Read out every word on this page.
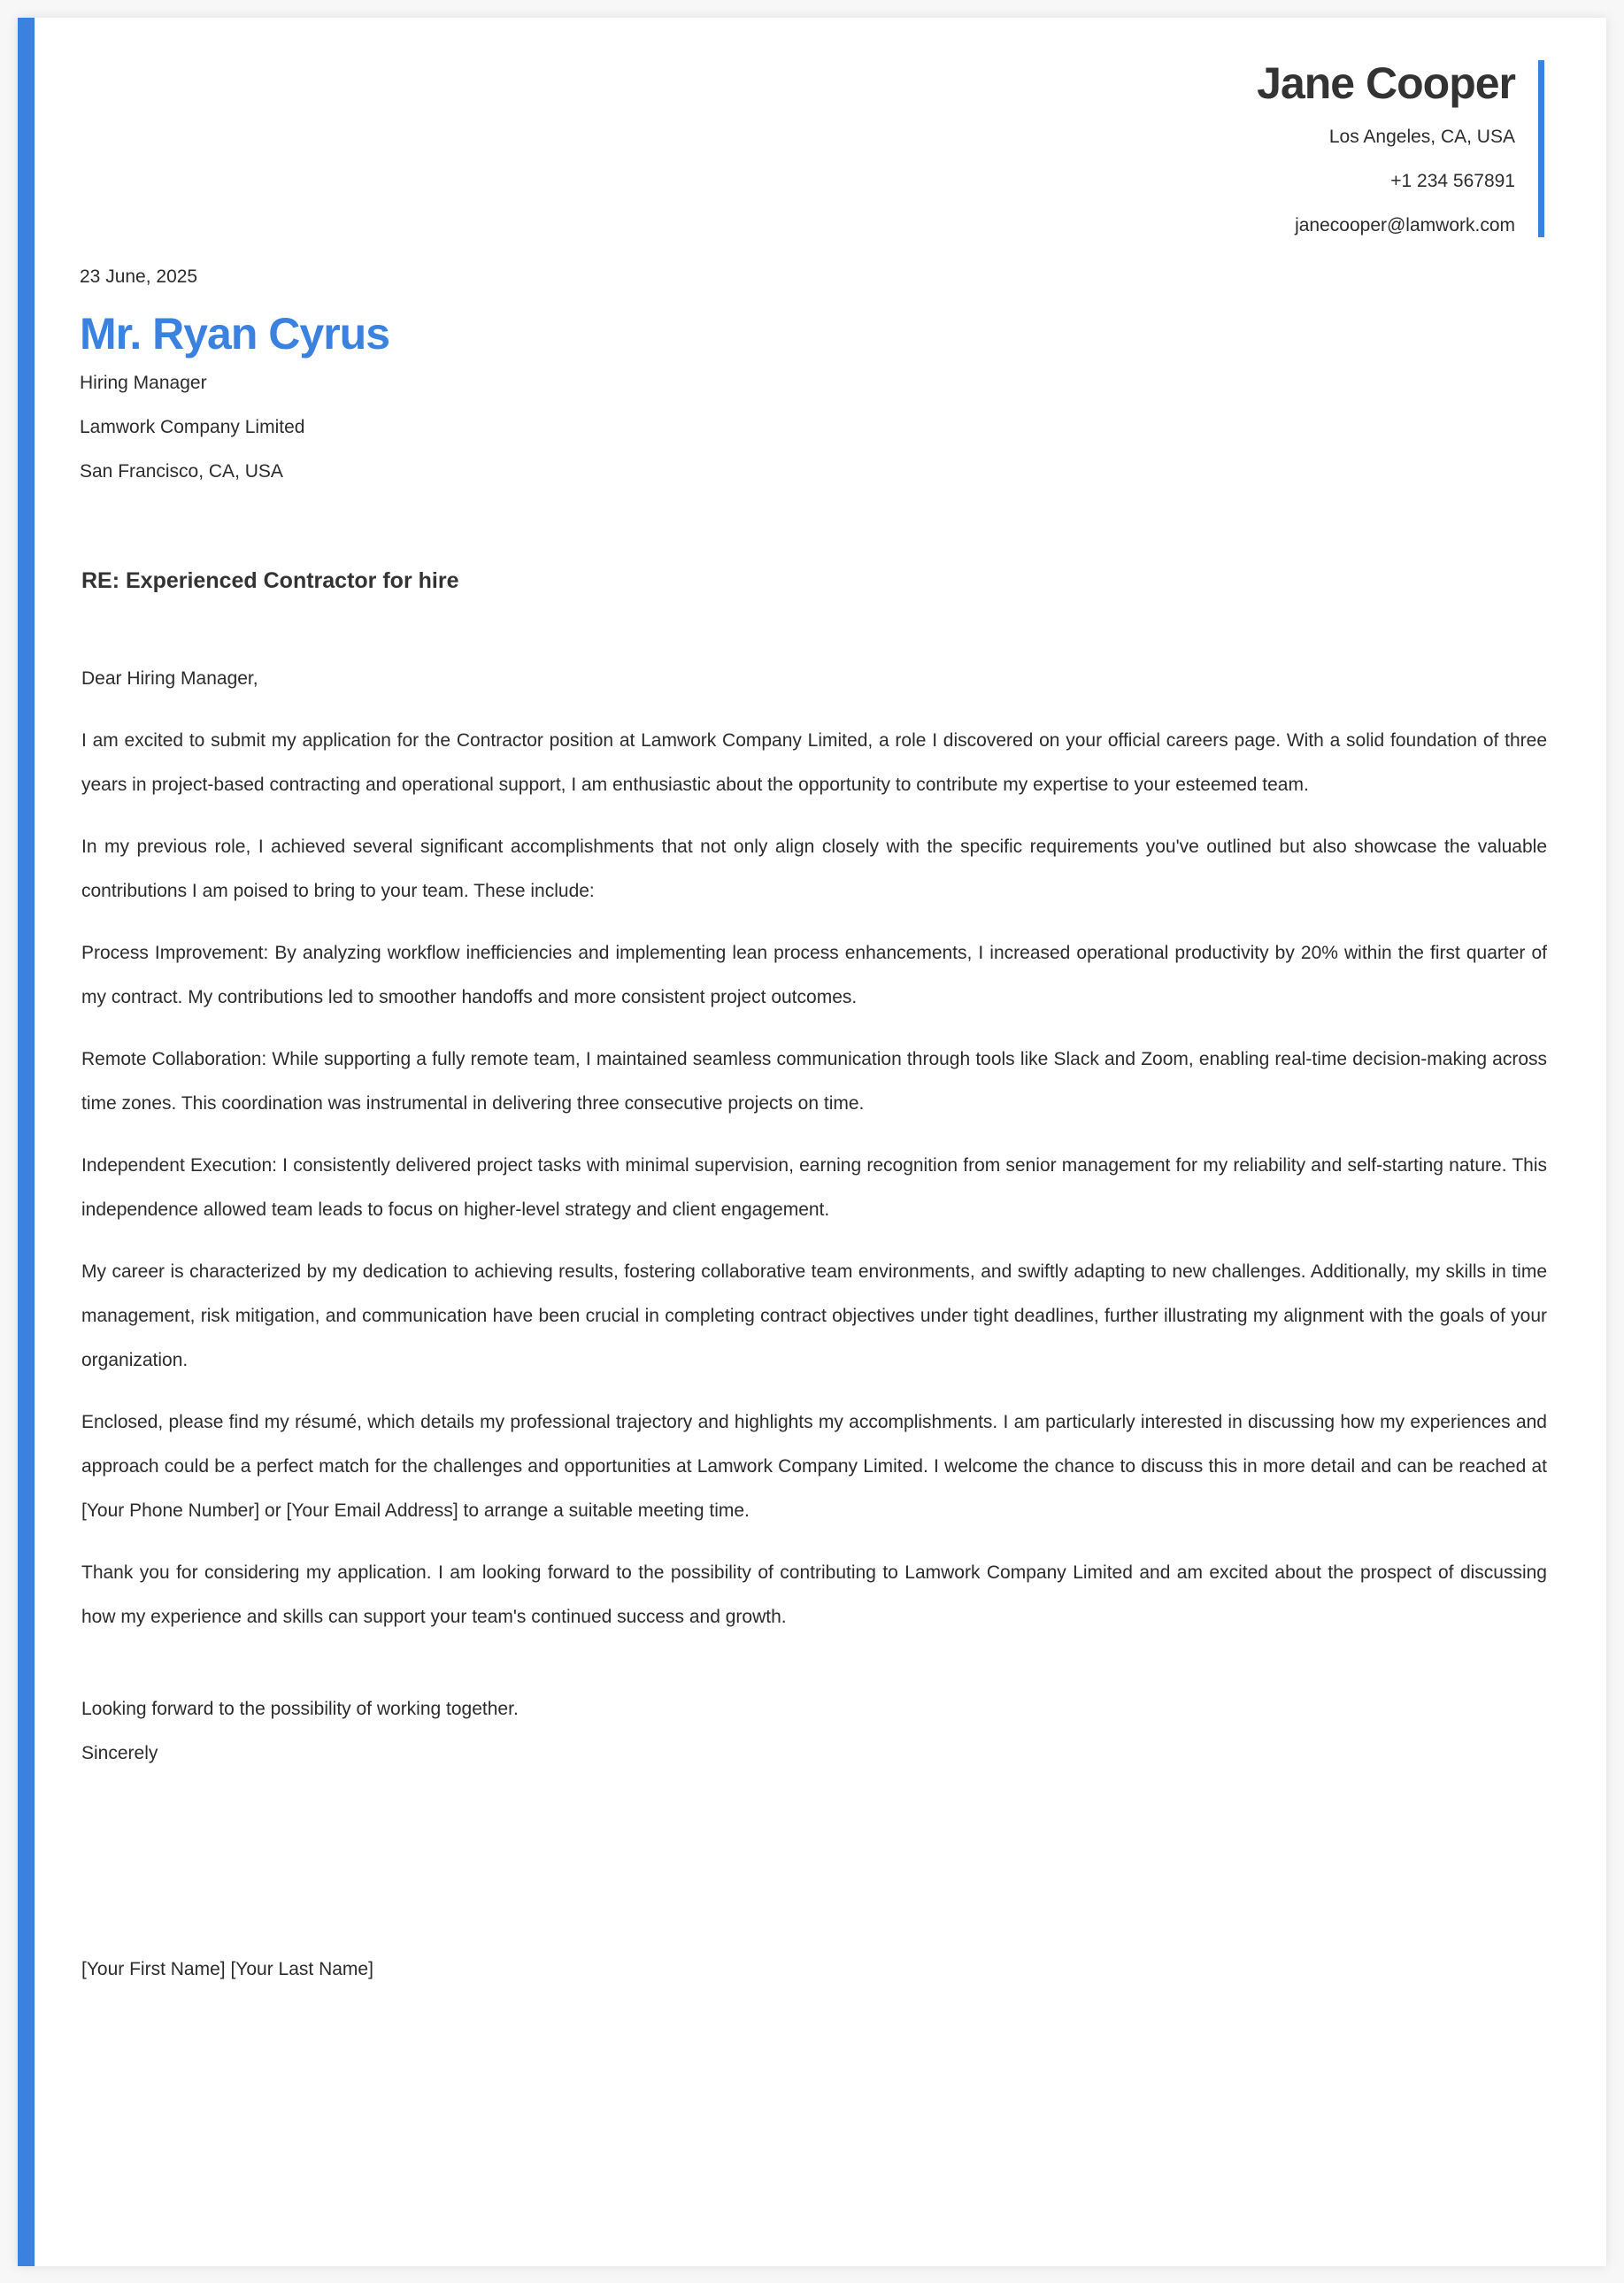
Jane Cooper
Los Angeles, CA, USA
+1 234 567891
janecooper@lamwork.com
23 June, 2025
Mr. Ryan Cyrus
Hiring Manager
Lamwork Company Limited
San Francisco, CA, USA
RE: Experienced Contractor for hire

Dear Hiring Manager,

I am excited to submit my application for the Contractor position at Lamwork Company Limited, a role I discovered on your official careers page. With a solid foundation of three years in project-based contracting and operational support, I am enthusiastic about the opportunity to contribute my expertise to your esteemed team.

In my previous role, I achieved several significant accomplishments that not only align closely with the specific requirements you've outlined but also showcase the valuable contributions I am poised to bring to your team. These include:

Process Improvement: By analyzing workflow inefficiencies and implementing lean process enhancements, I increased operational productivity by 20% within the first quarter of my contract. My contributions led to smoother handoffs and more consistent project outcomes.

Remote Collaboration: While supporting a fully remote team, I maintained seamless communication through tools like Slack and Zoom, enabling real-time decision-making across time zones. This coordination was instrumental in delivering three consecutive projects on time.

Independent Execution: I consistently delivered project tasks with minimal supervision, earning recognition from senior management for my reliability and self-starting nature. This independence allowed team leads to focus on higher-level strategy and client engagement.

My career is characterized by my dedication to achieving results, fostering collaborative team environments, and swiftly adapting to new challenges. Additionally, my skills in time management, risk mitigation, and communication have been crucial in completing contract objectives under tight deadlines, further illustrating my alignment with the goals of your organization.

Enclosed, please find my résumé, which details my professional trajectory and highlights my accomplishments. I am particularly interested in discussing how my experiences and approach could be a perfect match for the challenges and opportunities at Lamwork Company Limited. I welcome the chance to discuss this in more detail and can be reached at [Your Phone Number] or [Your Email Address] to arrange a suitable meeting time.

Thank you for considering my application. I am looking forward to the possibility of contributing to Lamwork Company Limited and am excited about the prospect of discussing how my experience and skills can support your team's continued success and growth.

Looking forward to the possibility of working together.
Sincerely
[Your First Name] [Your Last Name]
